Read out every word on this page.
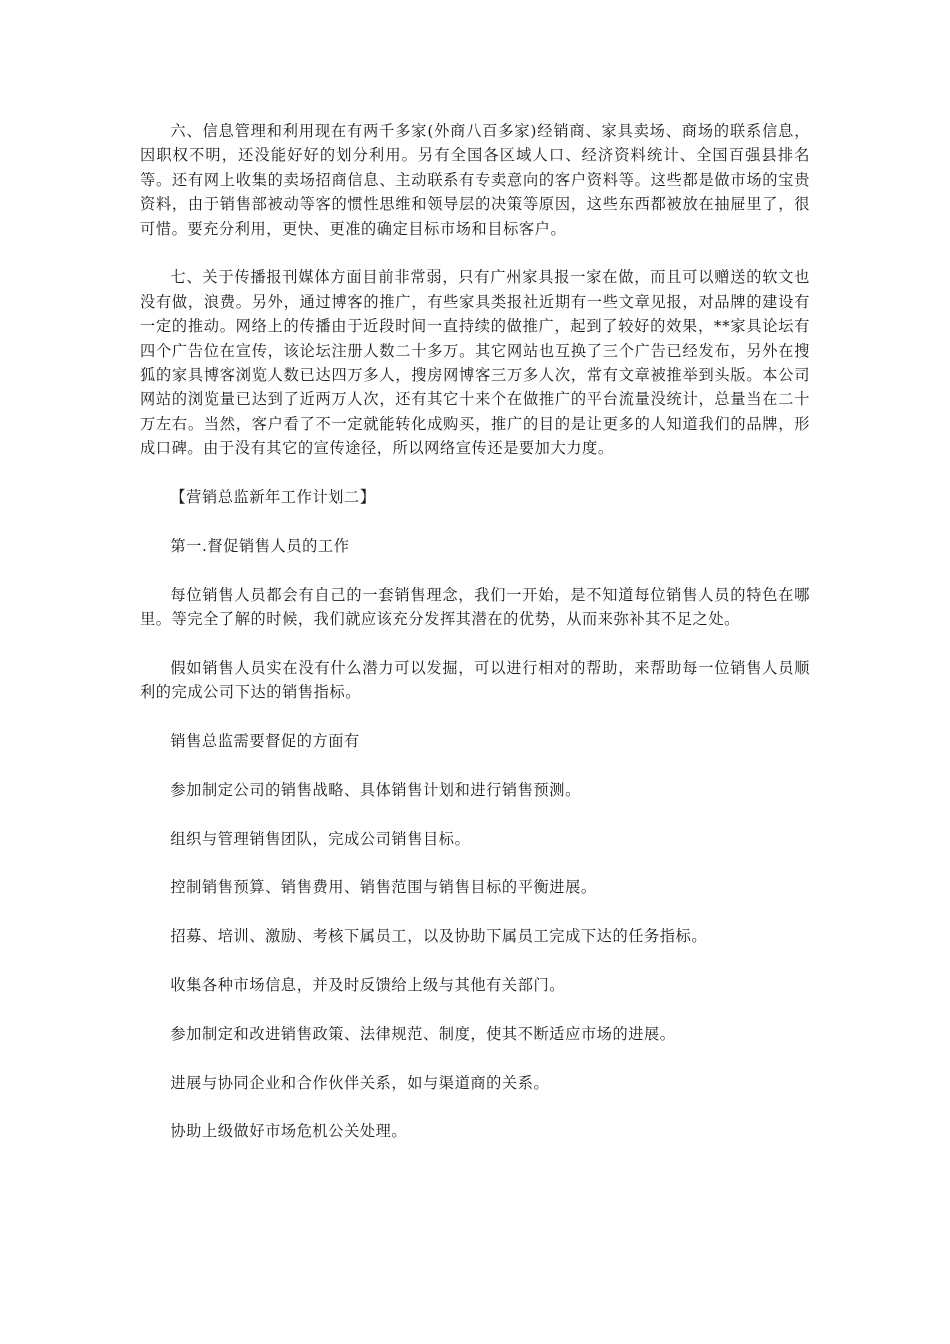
六、信息管理和利用现在有两千多家(外商八百多家)经销商、家具卖场、商场的联系信息，因职权不明，还没能好好的划分利用。另有全国各区域人口、经济资料统计、全国百强县排名等。还有网上收集的卖场招商信息、主动联系有专卖意向的客户资料等。这些都是做市场的宝贵资料，由于销售部被动等客的惯性思维和领导层的决策等原因，这些东西都被放在抽屉里了，很可惜。要充分利用，更快、更准的确定目标市场和目标客户。

七、关于传播报刊媒体方面目前非常弱，只有广州家具报一家在做，而且可以赠送的软文也没有做，浪费。另外，通过博客的推广，有些家具类报社近期有一些文章见报，对品牌的建设有一定的推动。网络上的传播由于近段时间一直持续的做推广，起到了较好的效果，**家具论坛有四个广告位在宣传，该论坛注册人数二十多万。其它网站也互换了三个广告已经发布，另外在搜狐的家具博客浏览人数已达四万多人，搜房网博客三万多人次，常有文章被推举到头版。本公司网站的浏览量已达到了近两万人次，还有其它十来个在做推广的平台流量没统计，总量当在二十万左右。当然，客户看了不一定就能转化成购买，推广的目的是让更多的人知道我们的品牌，形成口碑。由于没有其它的宣传途径，所以网络宣传还是要加大力度。

【营销总监新年工作计划二】

第一.督促销售人员的工作

每位销售人员都会有自己的一套销售理念，我们一开始，是不知道每位销售人员的特色在哪里。等完全了解的时候，我们就应该充分发挥其潜在的优势，从而来弥补其不足之处。

假如销售人员实在没有什么潜力可以发掘，可以进行相对的帮助，来帮助每一位销售人员顺利的完成公司下达的销售指标。

销售总监需要督促的方面有

参加制定公司的销售战略、具体销售计划和进行销售预测。

组织与管理销售团队，完成公司销售目标。

控制销售预算、销售费用、销售范围与销售目标的平衡进展。

招募、培训、激励、考核下属员工，以及协助下属员工完成下达的任务指标。

收集各种市场信息，并及时反馈给上级与其他有关部门。

参加制定和改进销售政策、法律规范、制度，使其不断适应市场的进展。

进展与协同企业和合作伙伴关系，如与渠道商的关系。

协助上级做好市场危机公关处理。
